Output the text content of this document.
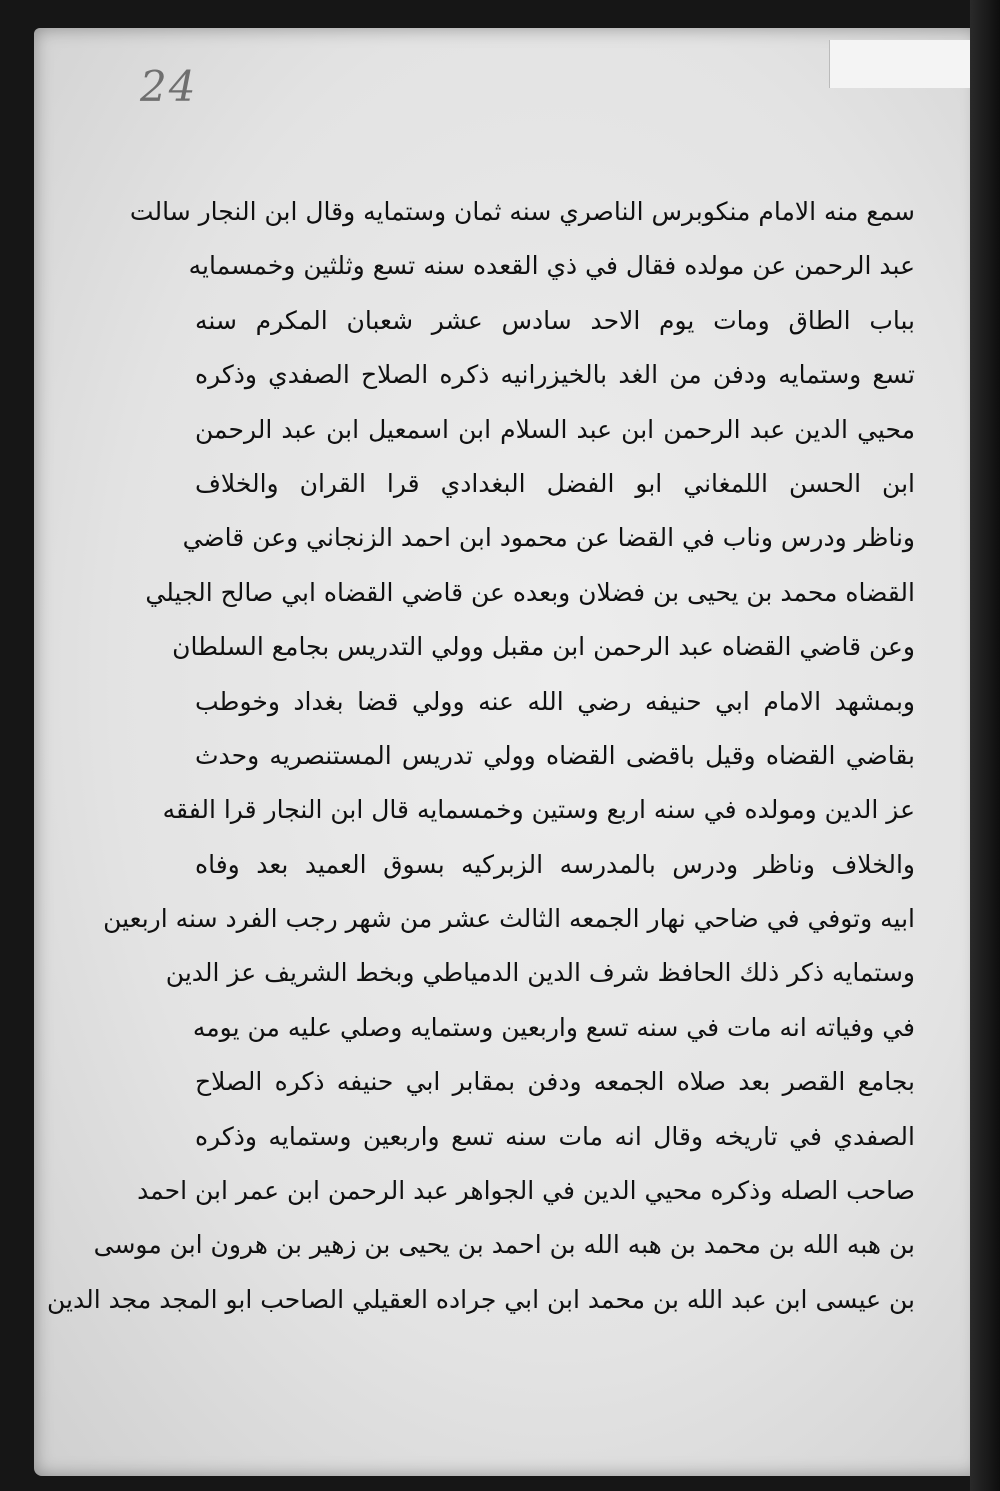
24
سمع منه الامام منكوبرس الناصري سنه ثمان وستمايه وقال ابن النجار سالت
عبد الرحمن عن مولده فقال في ذي القعده سنه تسع وثلثين وخمسمايه
بباب الطاق ومات يوم الاحد سادس عشر شعبان المكرم سنه
تسع وستمايه ودفن من الغد بالخيزرانيه ذكره الصلاح الصفدي وذكره
محيي الدين عبد الرحمن ابن عبد السلام ابن اسمعيل ابن عبد الرحمن
ابن الحسن اللمغاني ابو الفضل البغدادي قرا القران والخلاف
وناظر ودرس وناب في القضا عن محمود ابن احمد الزنجاني وعن قاضي
القضاه محمد بن يحيى بن فضلان وبعده عن قاضي القضاه ابي صالح الجيلي
وعن قاضي القضاه عبد الرحمن ابن مقبل وولي التدريس بجامع السلطان
وبمشهد الامام ابي حنيفه رضي الله عنه وولي قضا بغداد وخوطب
بقاضي القضاه وقيل باقضى القضاه وولي تدريس المستنصريه وحدث
عز الدين ومولده في سنه اربع وستين وخمسمايه قال ابن النجار قرا الفقه
والخلاف وناظر ودرس بالمدرسه الزبركيه بسوق العميد بعد وفاه
ابيه وتوفي في ضاحي نهار الجمعه الثالث عشر من شهر رجب الفرد سنه اربعين
وستمايه ذكر ذلك الحافظ شرف الدين الدمياطي وبخط الشريف عز الدين
في وفياته انه مات في سنه تسع واربعين وستمايه وصلي عليه من يومه
بجامع القصر بعد صلاه الجمعه ودفن بمقابر ابي حنيفه ذكره الصلاح
الصفدي في تاريخه وقال انه مات سنه تسع واربعين وستمايه وذكره
صاحب الصله وذكره محيي الدين في الجواهر عبد الرحمن ابن عمر ابن احمد
بن هبه الله بن محمد بن هبه الله بن احمد بن يحيى بن زهير بن هرون ابن موسى
بن عيسى ابن عبد الله بن محمد ابن ابي جراده العقيلي الصاحب ابو المجد مجد الدين
